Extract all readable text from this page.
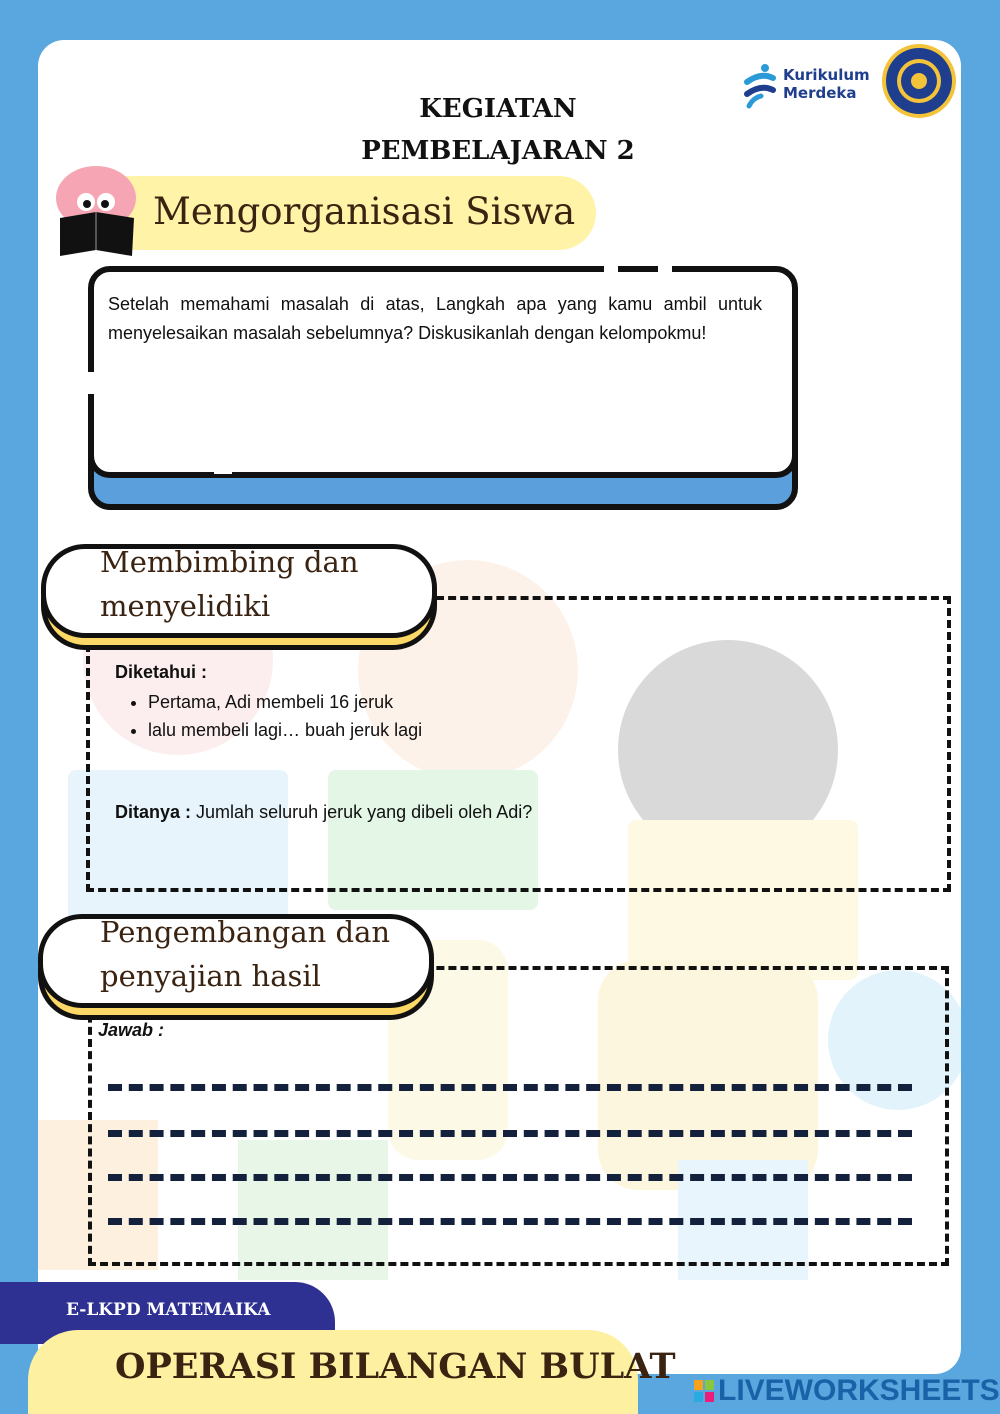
KEGIATAN
PEMBELAJARAN 2
Kurikulum
Merdeka
Mengorganisasi Siswa
Setelah memahami masalah di atas, Langkah apa yang kamu ambil untuk menyelesaikan masalah sebelumnya? Diskusikanlah dengan kelompokmu!
Membimbing dan
menyelidiki
Diketahui :
• Pertama, Adi membeli 16 jeruk
• lalu membeli lagi… buah jeruk lagi
Ditanya : Jumlah seluruh jeruk yang dibeli oleh Adi?
Pengembangan dan
penyajian hasil
Jawab :
E-LKPD MATEMAIKA
OPERASI BILANGAN BULAT
LIVEWORKSHEETS
